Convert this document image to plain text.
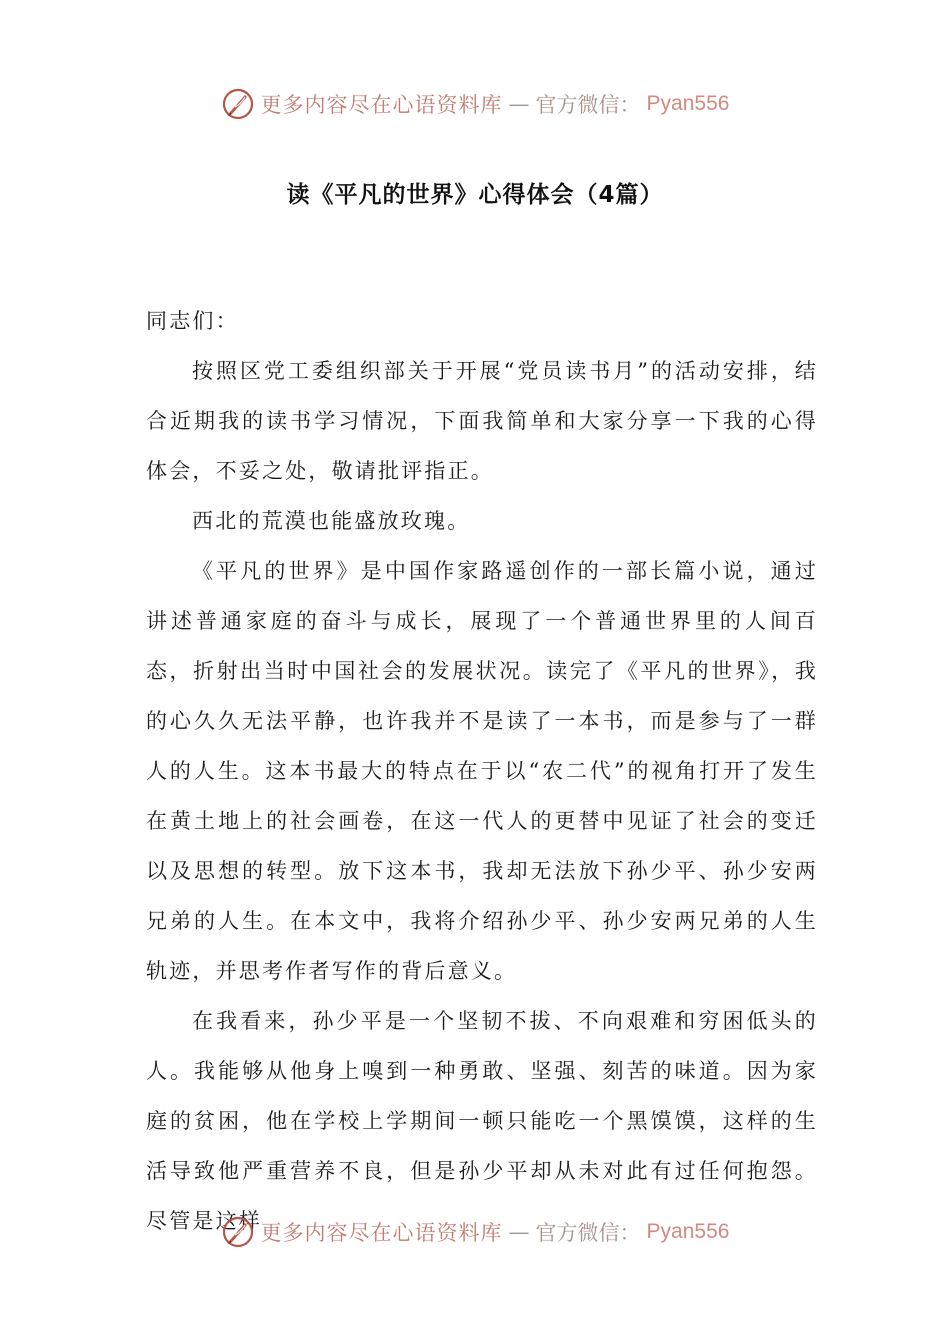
更多内容尽在心语资料库 — 官方微信： Pyan556
读《平凡的世界》心得体会（4篇）

同志们：

按照区党工委组织部关于开展“党员读书月”的活动安排，结合近期我的读书学习情况，下面我简单和大家分享一下我的心得体会，不妥之处，敬请批评指正。

西北的荒漠也能盛放玫瑰。

《平凡的世界》是中国作家路遥创作的一部长篇小说，通过讲述普通家庭的奋斗与成长，展现了一个普通世界里的人间百态，折射出当时中国社会的发展状况。读完了《平凡的世界》，我的心久久无法平静，也许我并不是读了一本书，而是参与了一群人的人生。这本书最大的特点在于以“农二代”的视角打开了发生在黄土地上的社会画卷，在这一代人的更替中见证了社会的变迁以及思想的转型。放下这本书，我却无法放下孙少平、孙少安两兄弟的人生。在本文中，我将介绍孙少平、孙少安两兄弟的人生轨迹，并思考作者写作的背后意义。

在我看来，孙少平是一个坚韧不拔、不向艰难和穷困低头的人。我能够从他身上嗅到一种勇敢、坚强、刻苦的味道。因为家庭的贫困，他在学校上学期间一顿只能吃一个黑馍馍，这样的生活导致他严重营养不良，但是孙少平却从未对此有过任何抱怨。尽管是这样

更多内容尽在心语资料库 — 官方微信： Pyan556
